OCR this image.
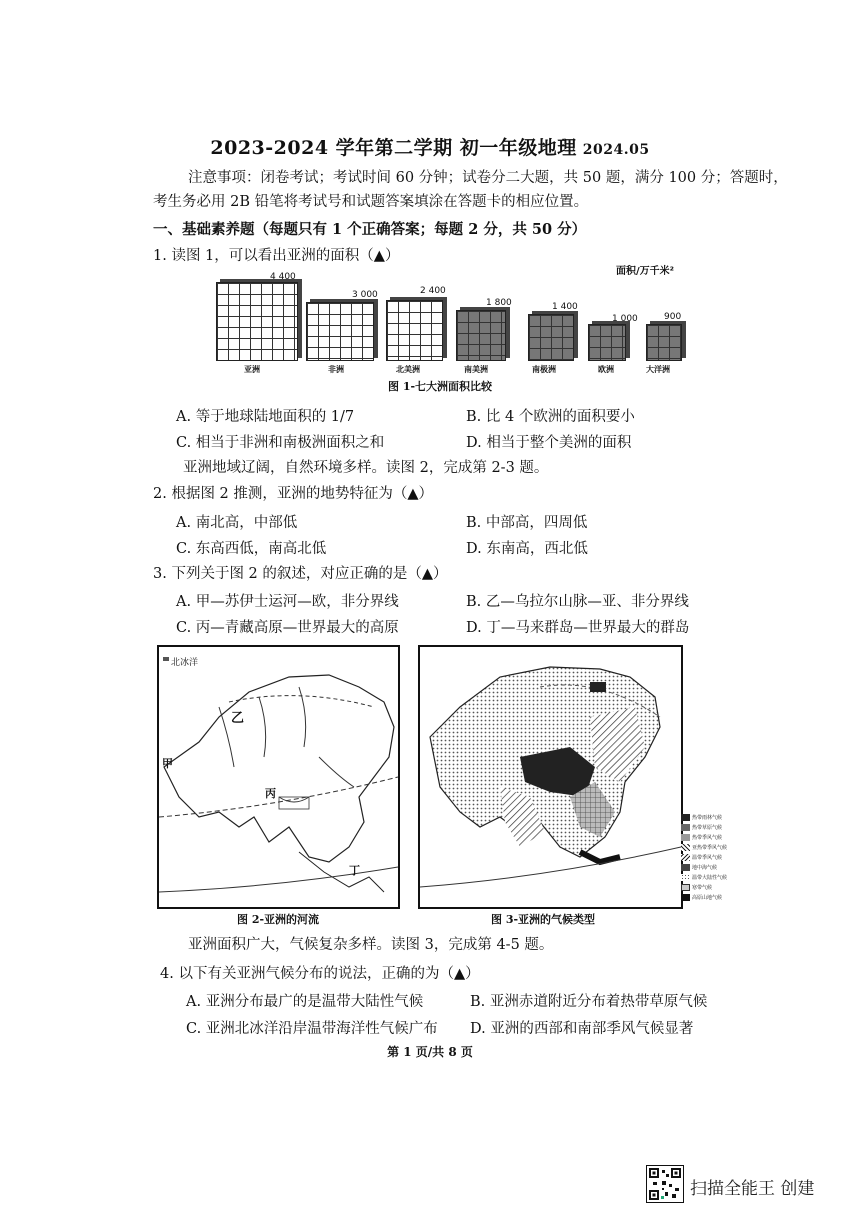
2023-2024 学年第二学期 初一年级地理 2024.05
注意事项：闭卷考试；考试时间 60 分钟；试卷分二大题，共 50 题，满分 100 分；答题时，
考生务必用 2B 铅笔将考试号和试题答案填涂在答题卡的相应位置。
一、基础素养题（每题只有 1 个正确答案；每题 2 分，共 50 分）
1. 读图 1，可以看出亚洲的面积（▲）
面积/万千米²
4 400
亚洲
3 000
非洲
2 400
北美洲
1 800
南美洲
1 400
南极洲
1 000
欧洲
900
大洋洲
图 1-七大洲面积比较
A. 等于地球陆地面积的 1/7	B. 比 4 个欧洲的面积要小
C. 相当于非洲和南极洲面积之和	D. 相当于整个美洲的面积
亚洲地域辽阔，自然环境多样。读图 2，完成第 2-3 题。
2. 根据图 2 推测，亚洲的地势特征为（▲）
A. 南北高，中部低	B. 中部高，四周低
C. 东高西低，南高北低	D. 东南高，西北低
3. 下列关于图 2 的叙述，对应正确的是（▲）
A. 甲—苏伊士运河—欧，非分界线	B. 乙—乌拉尔山脉—亚、非分界线
C. 丙—青藏高原—世界最大的高原	D. 丁—马来群岛—世界最大的群岛
北冰洋
乙
甲
丙
丁
热带雨林气候
热带草原气候
热带季风气候
亚热带季风气候
温带季风气候
地中海气候
温带大陆性气候
寒带气候
高原山地气候
图 2-亚洲的河流	图 3-亚洲的气候类型
亚洲面积广大，气候复杂多样。读图 3，完成第 4-5 题。
4. 以下有关亚洲气候分布的说法，正确的为（▲）
A. 亚洲分布最广的是温带大陆性气候	B. 亚洲赤道附近分布着热带草原气候
C. 亚洲北冰洋沿岸温带海洋性气候广布 D. 亚洲的西部和南部季风气候显著
第 1 页/共 8 页
扫描全能王 创建
